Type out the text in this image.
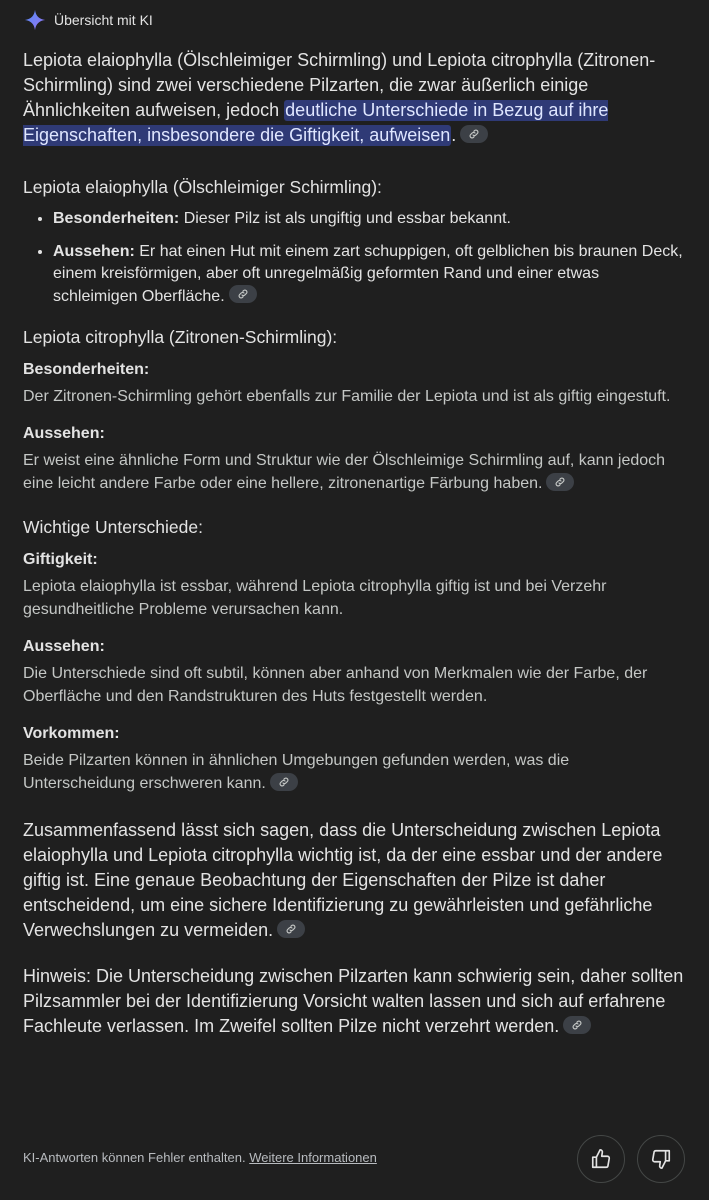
Übersicht mit KI

Lepiota elaiophylla (Ölschleimiger Schirmling) und Lepiota citrophylla (Zitronen-Schirmling) sind zwei verschiedene Pilzarten, die zwar äußerlich einige Ähnlichkeiten aufweisen, jedoch deutliche Unterschiede in Bezug auf ihre Eigenschaften, insbesondere die Giftigkeit, aufweisen.

Lepiota elaiophylla (Ölschleimiger Schirmling):
• Besonderheiten: Dieser Pilz ist als ungiftig und essbar bekannt.
• Aussehen: Er hat einen Hut mit einem zart schuppigen, oft gelblichen bis braunen Deck, einem kreisförmigen, aber oft unregelmäßig geformten Rand und einer etwas schleimigen Oberfläche.
Lepiota citrophylla (Zitronen-Schirmling):
Besonderheiten:
Der Zitronen-Schirmling gehört ebenfalls zur Familie der Lepiota und ist als giftig eingestuft.
Aussehen:
Er weist eine ähnliche Form und Struktur wie der Ölschleimige Schirmling auf, kann jedoch eine leicht andere Farbe oder eine hellere, zitronenartige Färbung haben.
Wichtige Unterschiede:
Giftigkeit:
Lepiota elaiophylla ist essbar, während Lepiota citrophylla giftig ist und bei Verzehr gesundheitliche Probleme verursachen kann.
Aussehen:
Die Unterschiede sind oft subtil, können aber anhand von Merkmalen wie der Farbe, der Oberfläche und den Randstrukturen des Huts festgestellt werden.
Vorkommen:
Beide Pilzarten können in ähnlichen Umgebungen gefunden werden, was die Unterscheidung erschweren kann.

Zusammenfassend lässt sich sagen, dass die Unterscheidung zwischen Lepiota elaiophylla und Lepiota citrophylla wichtig ist, da der eine essbar und der andere giftig ist. Eine genaue Beobachtung der Eigenschaften der Pilze ist daher entscheidend, um eine sichere Identifizierung zu gewährleisten und gefährliche Verwechslungen zu vermeiden.

Hinweis: Die Unterscheidung zwischen Pilzarten kann schwierig sein, daher sollten Pilzsammler bei der Identifizierung Vorsicht walten lassen und sich auf erfahrene Fachleute verlassen. Im Zweifel sollten Pilze nicht verzehrt werden.

KI-Antworten können Fehler enthalten. Weitere Informationen
